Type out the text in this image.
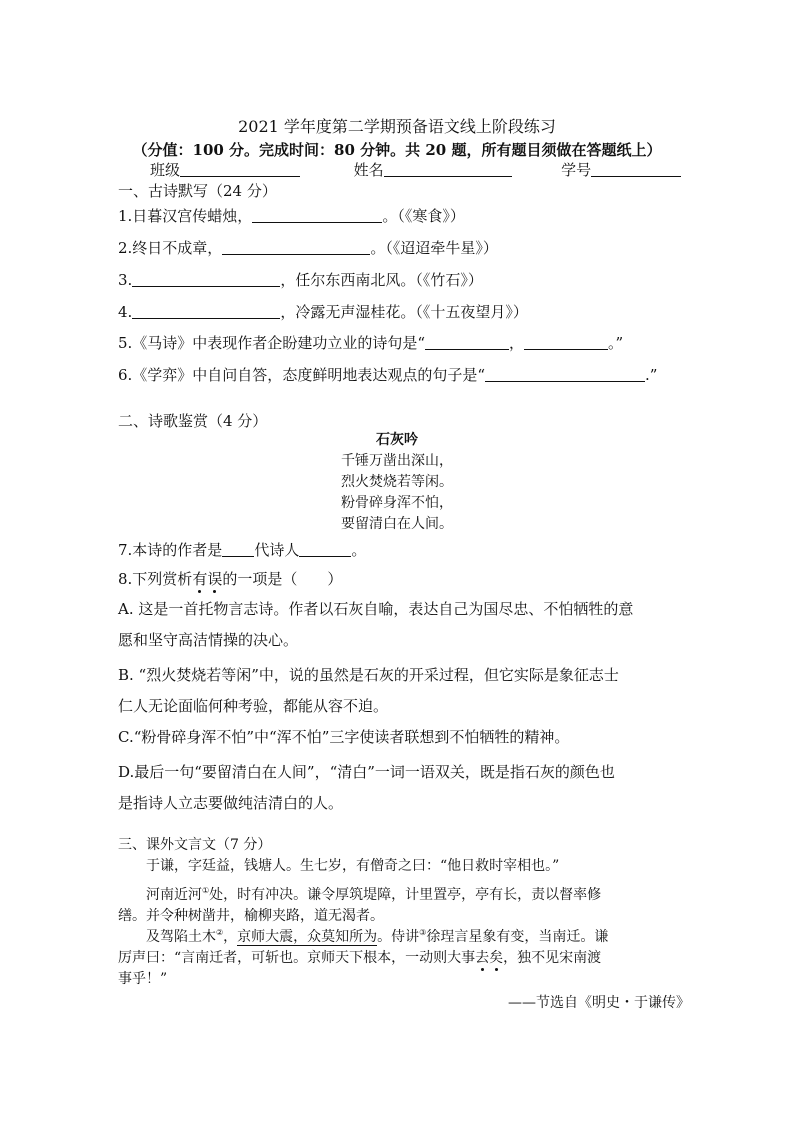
2021 学年度第二学期预备语文线上阶段练习
（分值：100 分。完成时间：80 分钟。共 20 题，所有题目须做在答题纸上）
班级	姓名	学号
一、古诗默写（24 分）
1.日暮汉宫传蜡烛，	。（《寒食》）
2.终日不成章，	。（《迢迢牵牛星》）
3.	，任尔东西南北风。（《竹石》）
4.	，冷露无声湿桂花。（《十五夜望月》）
5.《马诗》中表现作者企盼建功立业的诗句是“	，	。”
6.《学弈》中自问自答，态度鲜明地表达观点的句子是“	.”
二、诗歌鉴赏（4 分）
石灰吟
千锤万凿出深山，
烈火焚烧若等闲。
粉骨碎身浑不怕，
要留清白在人间。
7.本诗的作者是 代诗人	。
8.下列赏析有误的一项是（　　）
A. 这是一首托物言志诗。作者以石灰自喻，表达自己为国尽忠、不怕牺牲的意
愿和坚守高洁情操的决心。
B. “烈火焚烧若等闲”中，说的虽然是石灰的开采过程，但它实际是象征志士
仁人无论面临何种考验，都能从容不迫。
C.“粉骨碎身浑不怕”中“浑不怕”三字使读者联想到不怕牺牲的精神。
D.最后一句“要留清白在人间”，“清白”一词一语双关，既是指石灰的颜色也
是指诗人立志要做纯洁清白的人。
三、课外文言文（7 分）
于谦，字廷益，钱塘人。生七岁，有僧奇之曰：“他日救时宰相也。”
河南近河①处，时有冲决。谦令厚筑堤障，计里置亭，亭有长，责以督率修
缮。并令种树凿井，榆柳夹路，道无渴者。
及驾陷土木②，京师大震，众莫知所为。侍讲③徐珵言星象有变，当南迁。谦
厉声曰：“言南迁者，可斩也。京师天下根本，一动则大事去矣，独不见宋南渡
事乎！”
——节选自《明史・于谦传》
